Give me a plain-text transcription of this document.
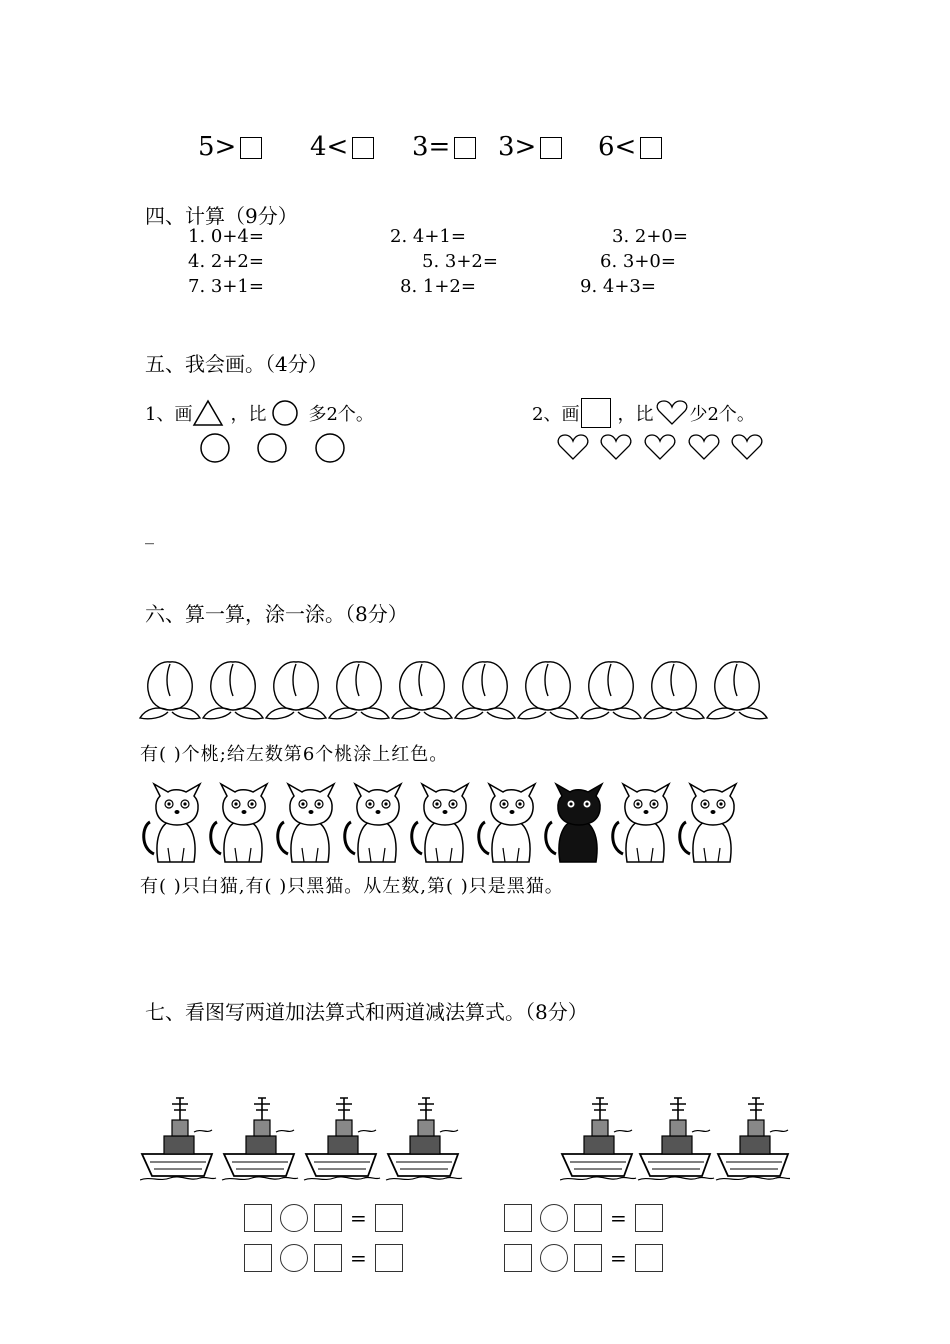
5>	4<	3=	3>	6<
四、计算（9分）
1. 0+4=	2. 4+1=	3. 2+0=
4. 2+2=	5. 3+2=	6. 3+0=
7. 3+1=	8. 1+2=	9. 4+3=
五、我会画。（4分）
1、画 ，比 多2个。	2、画 ，比 少2个。
_
六、算一算，涂一涂。（8分）
有( )个桃;给左数第6个桃涂上红色。
有( )只白猫,有( )只黑猫。从左数,第( )只是黑猫。
七、看图写两道加法算式和两道减法算式。（8分）
=
=
=
=
